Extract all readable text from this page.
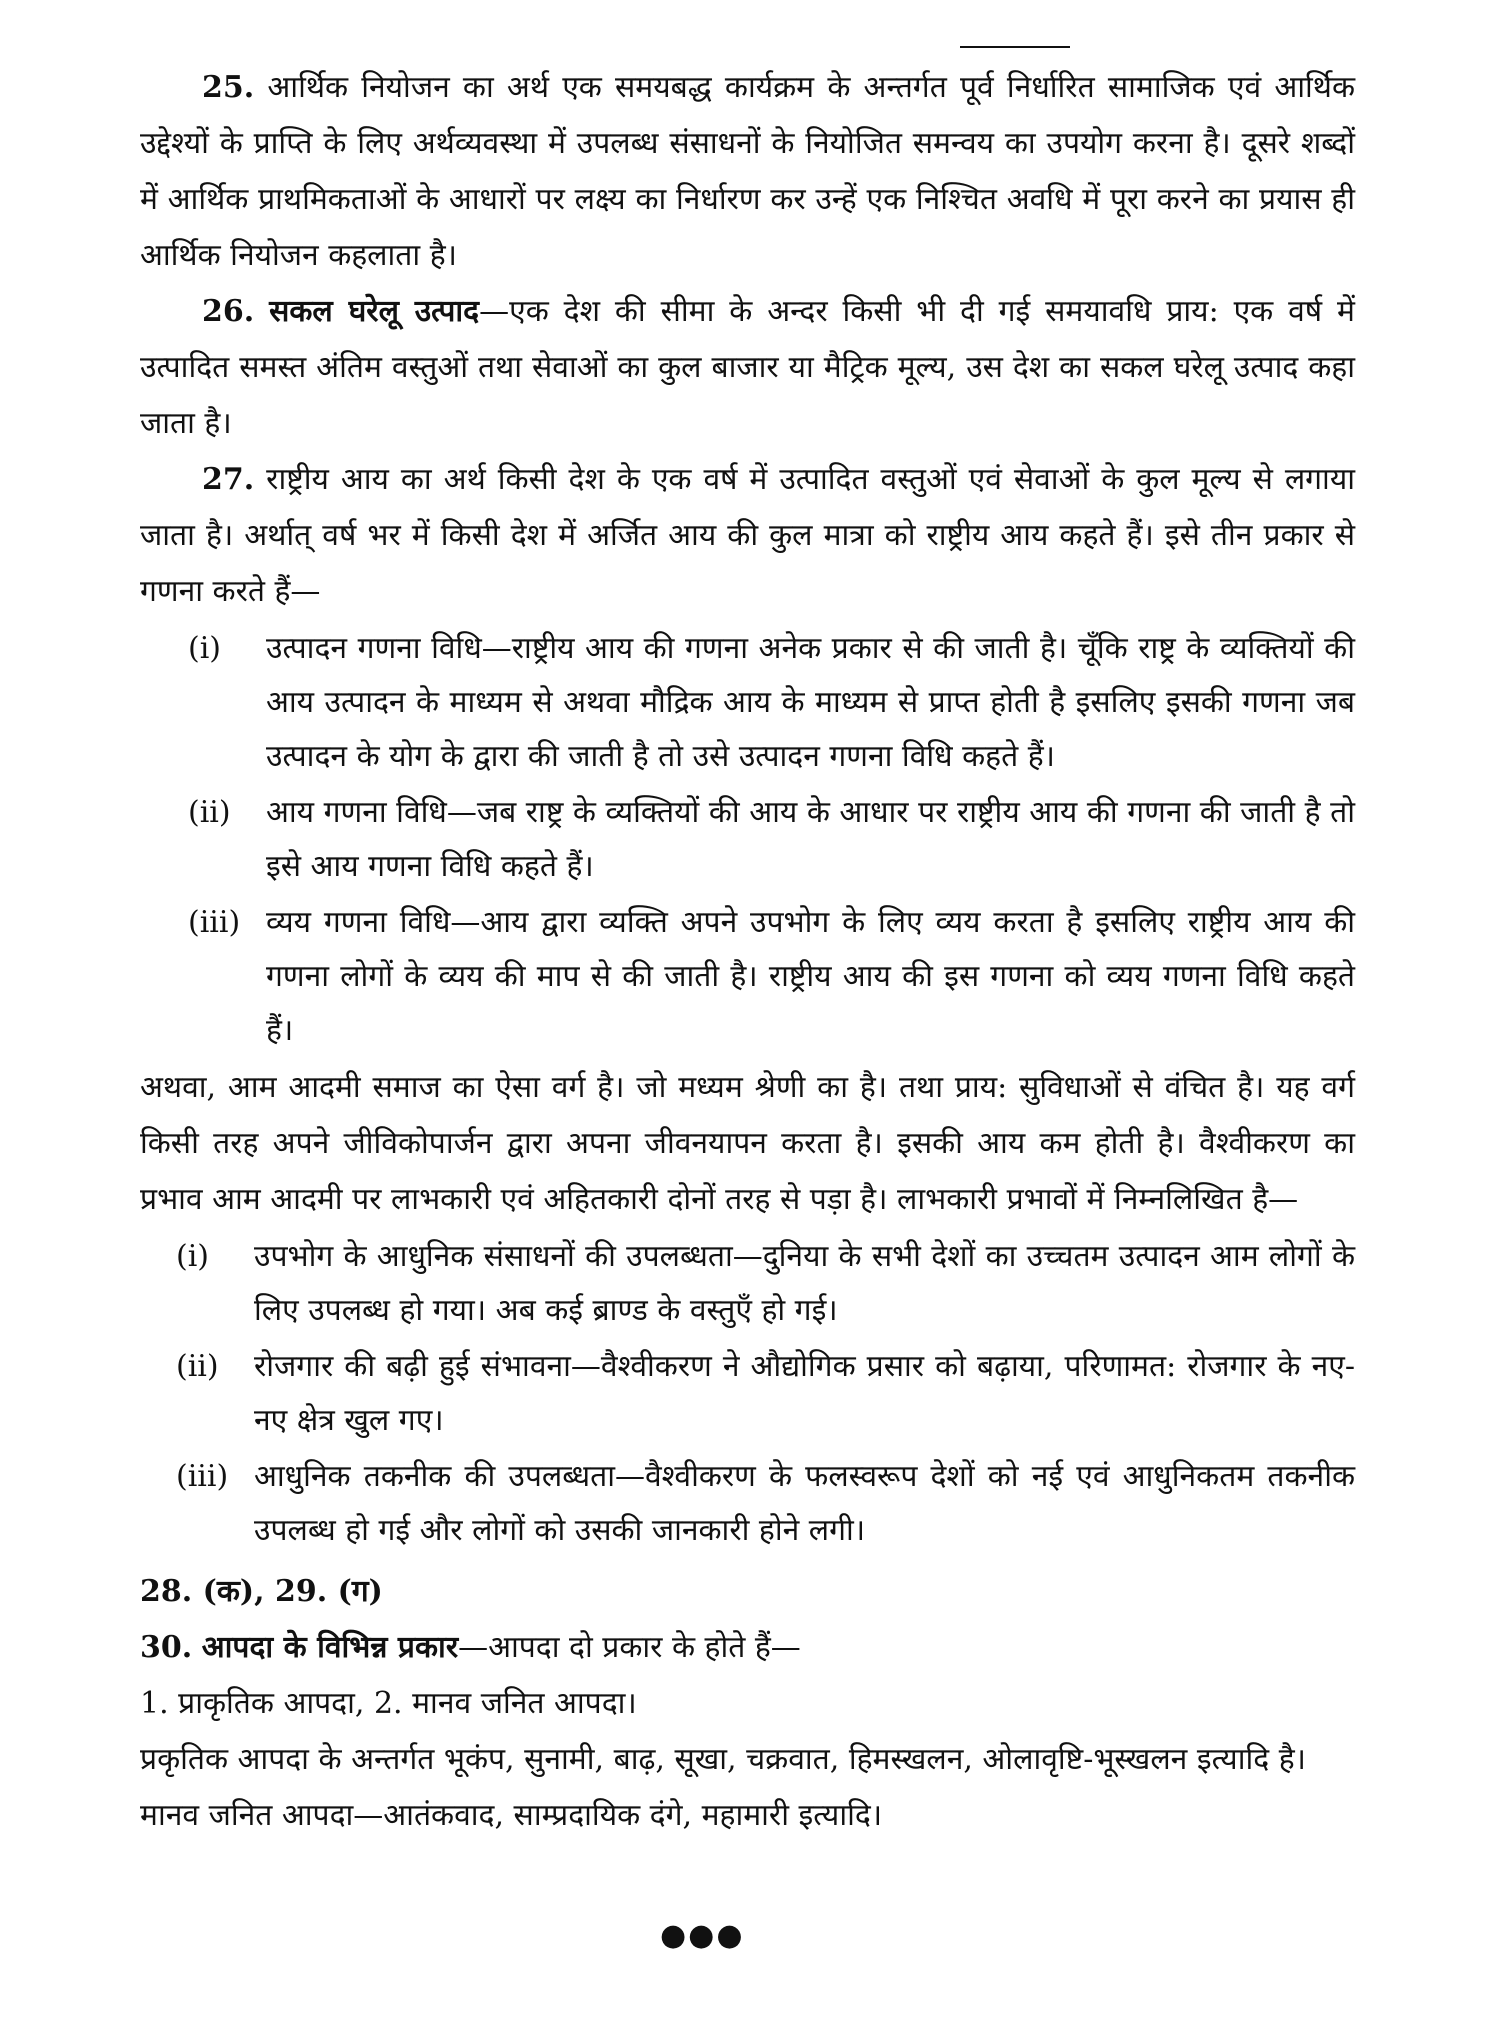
25. आर्थिक नियोजन का अर्थ एक समयबद्ध कार्यक्रम के अन्तर्गत पूर्व निर्धारित सामाजिक एवं आर्थिक उद्देश्यों के प्राप्ति के लिए अर्थव्यवस्था में उपलब्ध संसाधनों के नियोजित समन्वय का उपयोग करना है। दूसरे शब्दों में आर्थिक प्राथमिकताओं के आधारों पर लक्ष्य का निर्धारण कर उन्हें एक निश्चित अवधि में पूरा करने का प्रयास ही आर्थिक नियोजन कहलाता है।

26. सकल घरेलू उत्पाद—एक देश की सीमा के अन्दर किसी भी दी गई समयावधि प्राय: एक वर्ष में उत्पादित समस्त अंतिम वस्तुओं तथा सेवाओं का कुल बाजार या मैट्रिक मूल्य, उस देश का सकल घरेलू उत्पाद कहा जाता है।

27. राष्ट्रीय आय का अर्थ किसी देश के एक वर्ष में उत्पादित वस्तुओं एवं सेवाओं के कुल मूल्य से लगाया जाता है। अर्थात् वर्ष भर में किसी देश में अर्जित आय की कुल मात्रा को राष्ट्रीय आय कहते हैं। इसे तीन प्रकार से गणना करते हैं—

(i)	उत्पादन गणना विधि—राष्ट्रीय आय की गणना अनेक प्रकार से की जाती है। चूँकि राष्ट्र के व्यक्तियों की आय उत्पादन के माध्यम से अथवा मौद्रिक आय के माध्यम से प्राप्त होती है इसलिए इसकी गणना जब उत्पादन के योग के द्वारा की जाती है तो उसे उत्पादन गणना विधि कहते हैं।
(ii)	आय गणना विधि—जब राष्ट्र के व्यक्तियों की आय के आधार पर राष्ट्रीय आय की गणना की जाती है तो इसे आय गणना विधि कहते हैं।
(iii) व्यय गणना विधि—आय द्वारा व्यक्ति अपने उपभोग के लिए व्यय करता है इसलिए राष्ट्रीय आय की गणना लोगों के व्यय की माप से की जाती है। राष्ट्रीय आय की इस गणना को व्यय गणना विधि कहते हैं।

अथवा, आम आदमी समाज का ऐसा वर्ग है। जो मध्यम श्रेणी का है। तथा प्राय: सुविधाओं से वंचित है। यह वर्ग किसी तरह अपने जीविकोपार्जन द्वारा अपना जीवनयापन करता है। इसकी आय कम होती है। वैश्वीकरण का प्रभाव आम आदमी पर लाभकारी एवं अहितकारी दोनों तरह से पड़ा है। लाभकारी प्रभावों में निम्नलिखित है—

(i)	उपभोग के आधुनिक संसाधनों की उपलब्धता—दुनिया के सभी देशों का उच्चतम उत्पादन आम लोगों के लिए उपलब्ध हो गया। अब कई ब्राण्ड के वस्तुएँ हो गई।
(ii)	रोजगार की बढ़ी हुई संभावना—वैश्वीकरण ने औद्योगिक प्रसार को बढ़ाया, परिणामत: रोजगार के नए-नए क्षेत्र खुल गए।
(iii) आधुनिक तकनीक की उपलब्धता—वैश्वीकरण के फलस्वरूप देशों को नई एवं आधुनिकतम तकनीक उपलब्ध हो गई और लोगों को उसकी जानकारी होने लगी।

28. (क), 29. (ग)

30. आपदा के विभिन्न प्रकार—आपदा दो प्रकार के होते हैं—

1. प्राकृतिक आपदा, 2. मानव जनित आपदा।

प्रकृतिक आपदा के अन्तर्गत भूकंप, सुनामी, बाढ़, सूखा, चक्रवात, हिमस्खलन, ओलावृष्टि-भूस्खलन इत्यादि है।

मानव जनित आपदा—आतंकवाद, साम्प्रदायिक दंगे, महामारी इत्यादि।

●●●
